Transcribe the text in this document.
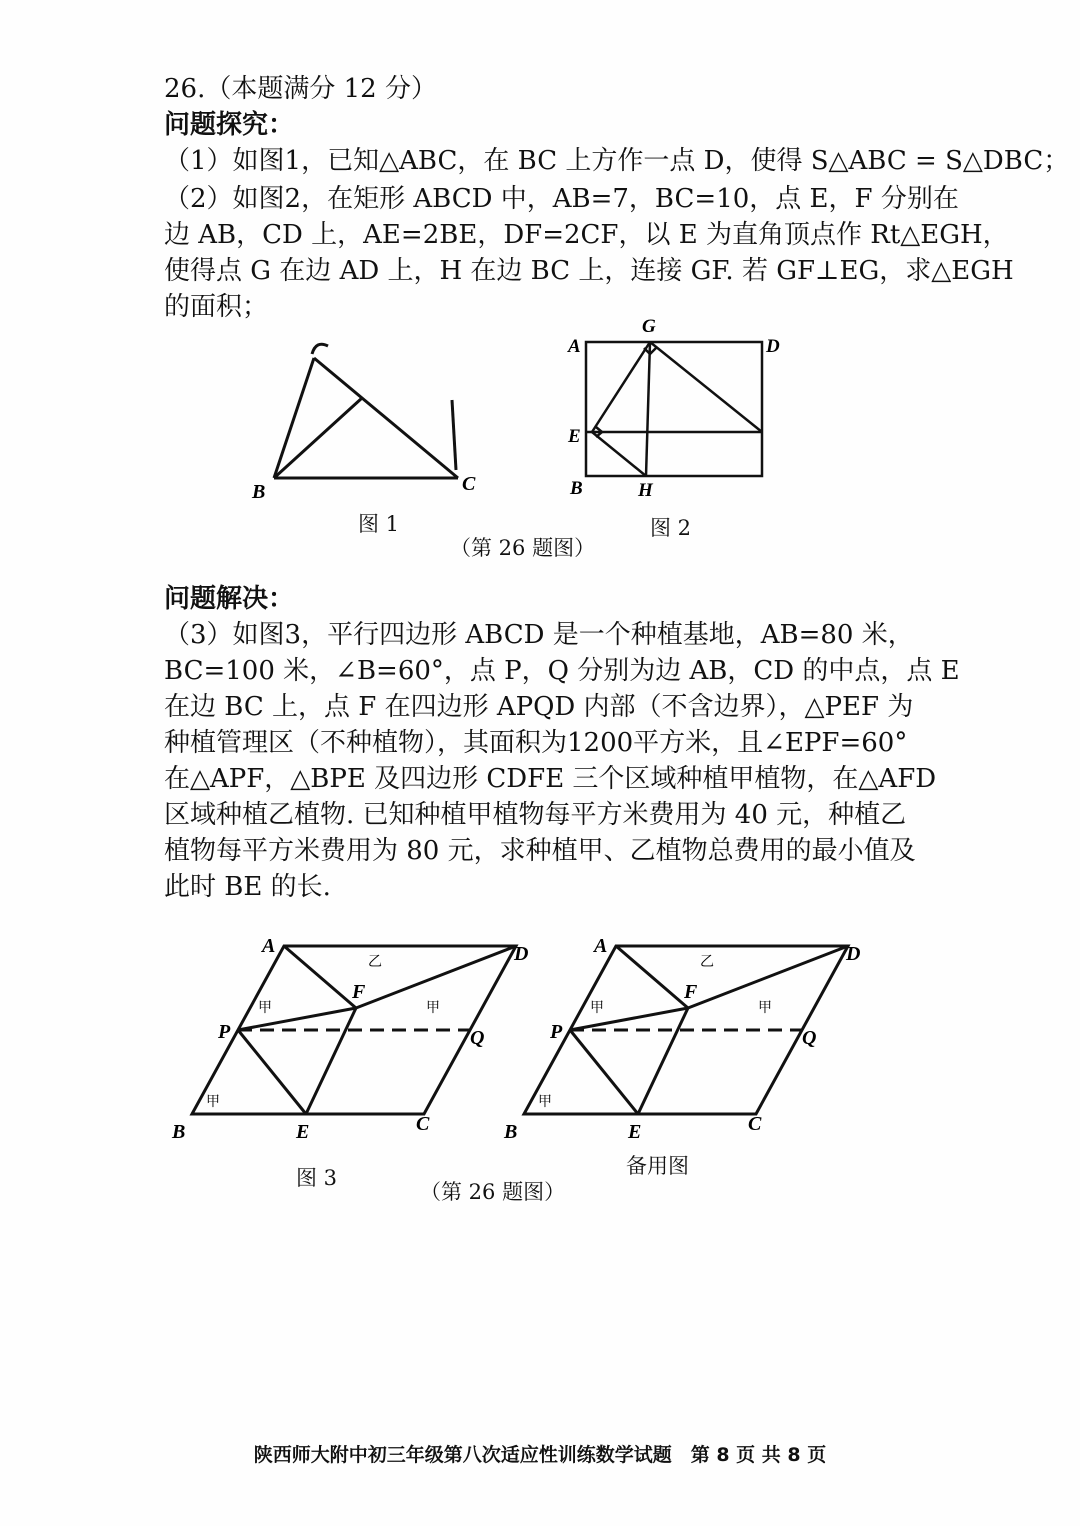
26.（本题满分 12 分）
问题探究：
（1）如图1，已知△ABC，在 BC 上方作一点 D，使得 S△ABC = S△DBC；
（2）如图2，在矩形 ABCD 中，AB=7，BC=10，点 E，F 分别在
边 AB，CD 上，AE=2BE，DF=2CF，以 E 为直角顶点作 Rt△EGH，
使得点 G 在边 AD 上，H 在边 BC 上，连接 GF. 若 GF⊥EG，求△EGH
的面积；
B	C
图 1
G
A	D
E
B	H
图 2
（第 26 题图）
问题解决：
（3）如图3，平行四边形 ABCD 是一个种植基地，AB=80 米，
BC=100 米，∠B=60°，点 P，Q 分别为边 AB，CD 的中点，点 E
在边 BC 上，点 F 在四边形 APQD 内部（不含边界），△PEF 为
种植管理区（不种植物），其面积为1200平方米，且∠EPF=60°
在△APF，△BPE 及四边形 CDFE 三个区域种植甲植物，在△AFD
区域种植乙植物. 已知种植甲植物每平方米费用为 40 元，种植乙
植物每平方米费用为 80 元，求种植甲、乙植物总费用的最小值及
此时 BE 的长.
A	D
F
P	Q
B	E	C
乙
甲	甲
甲
图 3
A	D
F
P	Q
B	E	C
乙
甲	甲
甲
备用图
（第 26 题图）
陕西师大附中初三年级第八次适应性训练数学试题　第 8 页 共 8 页
